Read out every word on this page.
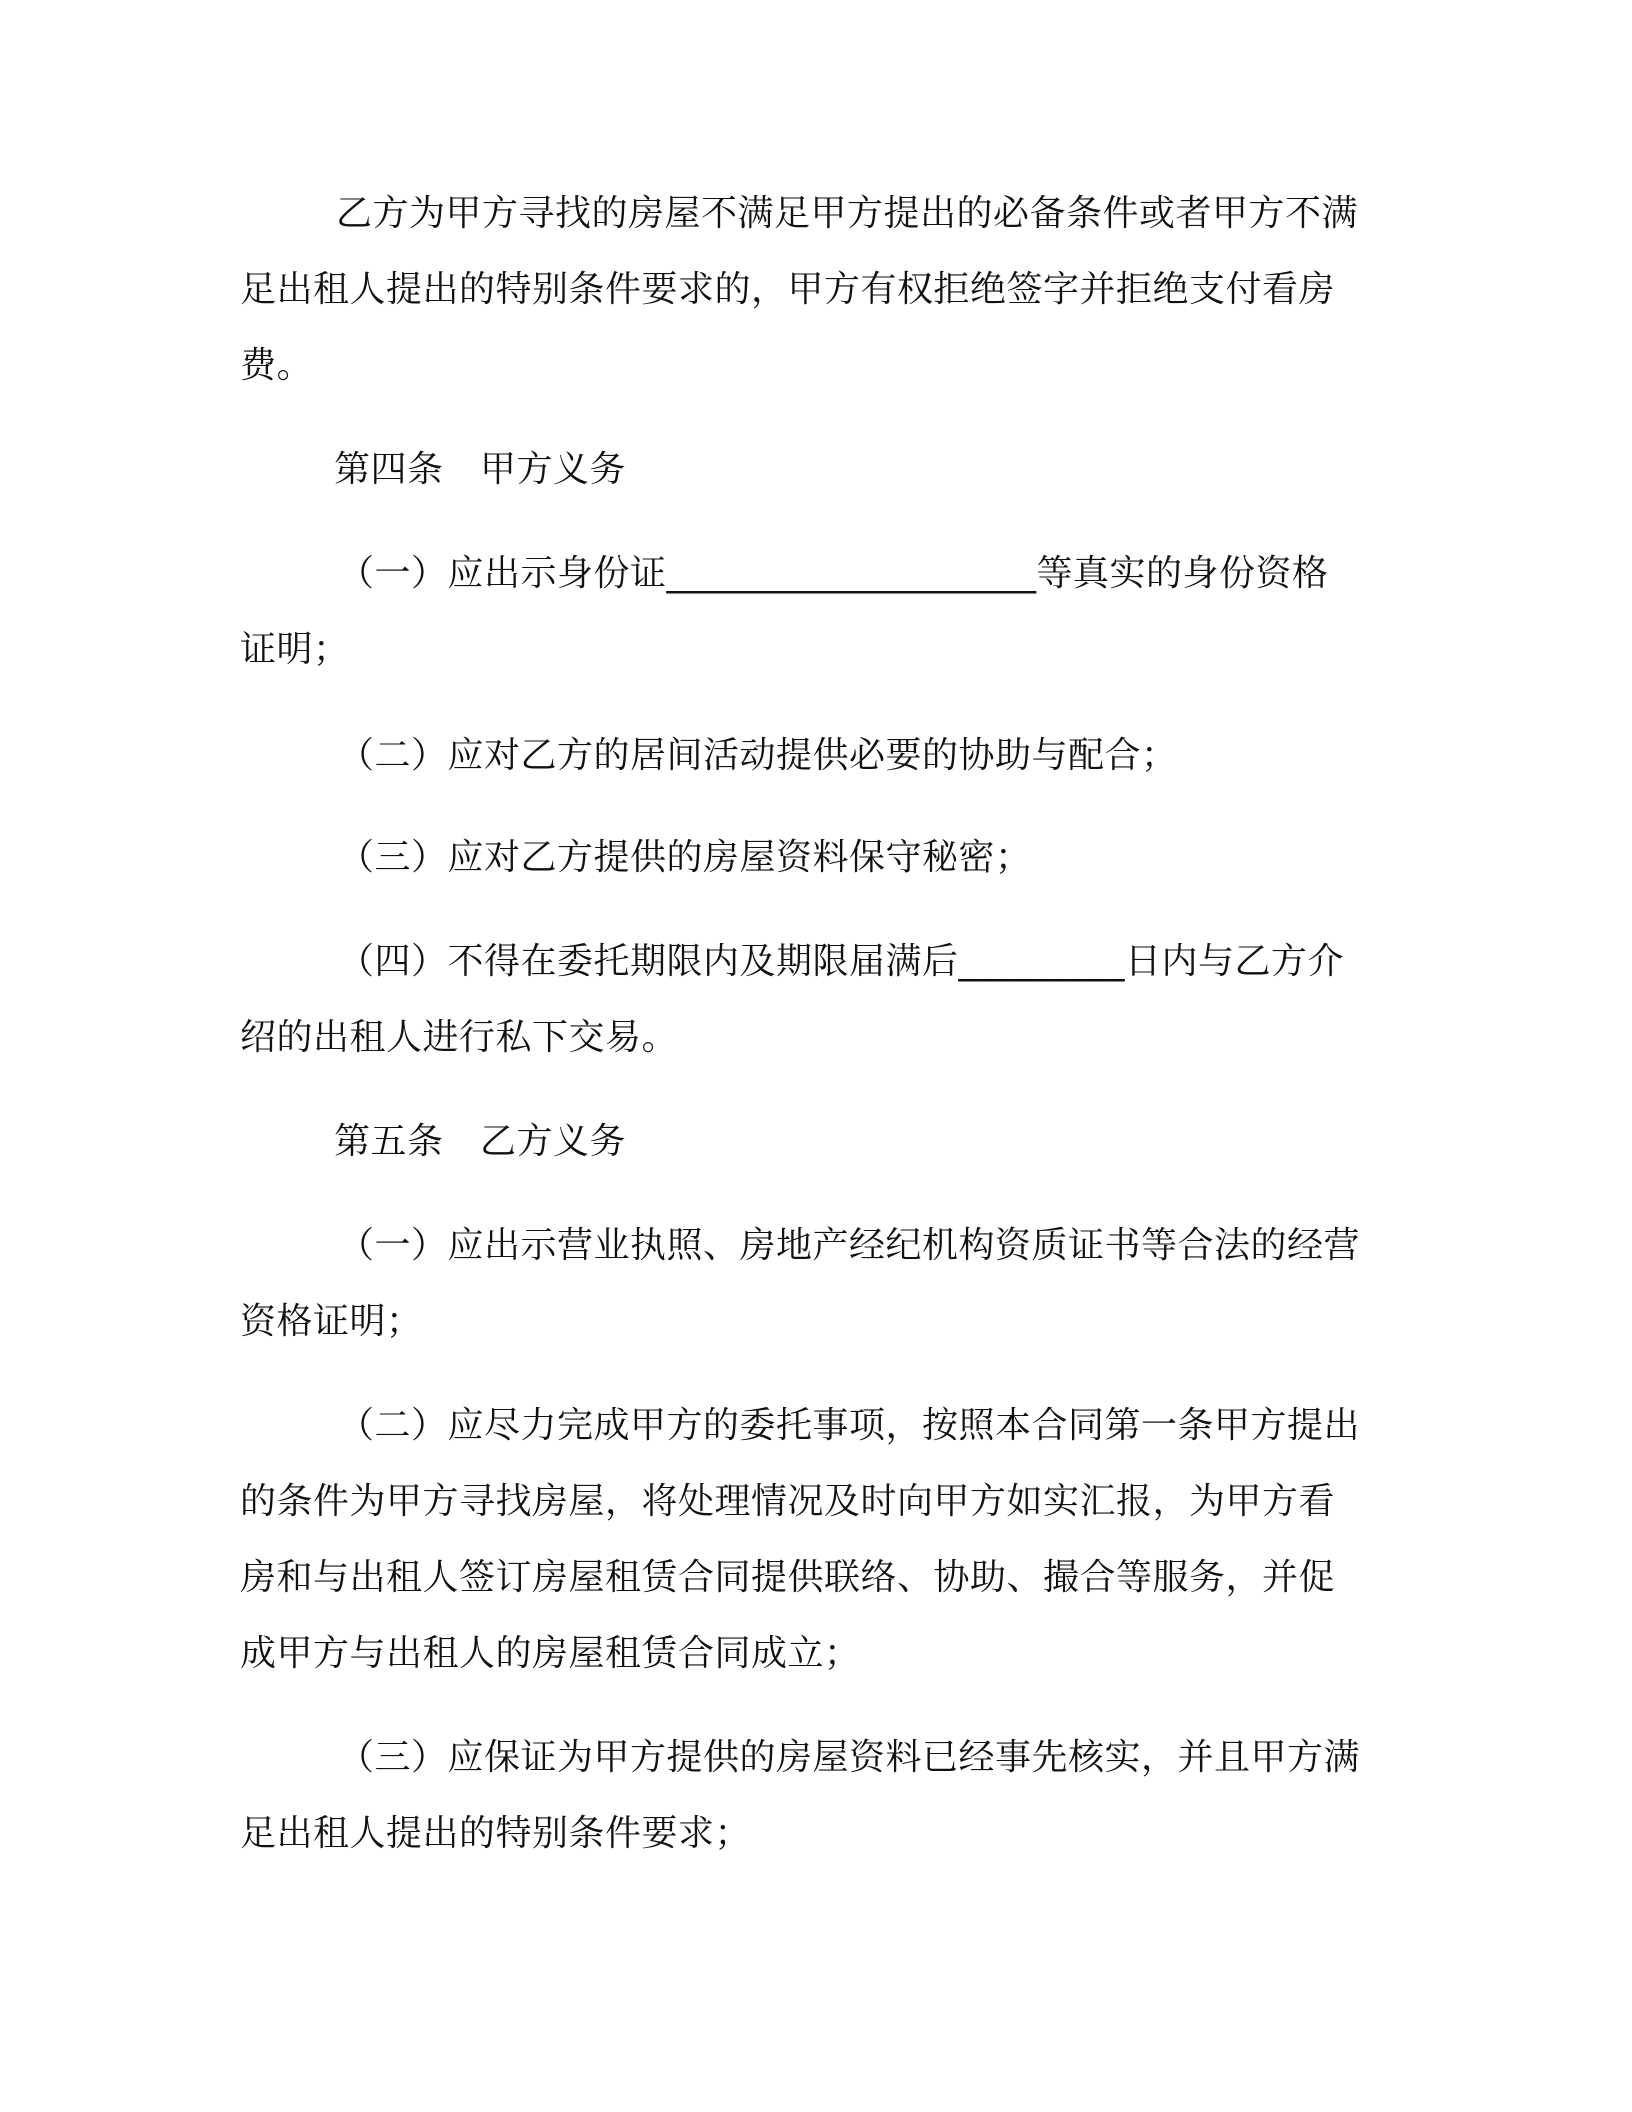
乙方为甲方寻找的房屋不满足甲方提出的必备条件或者甲方不满
足出租人提出的特别条件要求的，甲方有权拒绝签字并拒绝支付看房
费。
第四条　甲方义务
（一）应出示身份证____________________等真实的身份资格
证明；
（二）应对乙方的居间活动提供必要的协助与配合；
（三）应对乙方提供的房屋资料保守秘密；
（四）不得在委托期限内及期限届满后_________日内与乙方介
绍的出租人进行私下交易。
第五条　乙方义务
（一）应出示营业执照、房地产经纪机构资质证书等合法的经营
资格证明；
（二）应尽力完成甲方的委托事项，按照本合同第一条甲方提出
的条件为甲方寻找房屋，将处理情况及时向甲方如实汇报，为甲方看
房和与出租人签订房屋租赁合同提供联络、协助、撮合等服务，并促
成甲方与出租人的房屋租赁合同成立；
（三）应保证为甲方提供的房屋资料已经事先核实，并且甲方满
足出租人提出的特别条件要求；
